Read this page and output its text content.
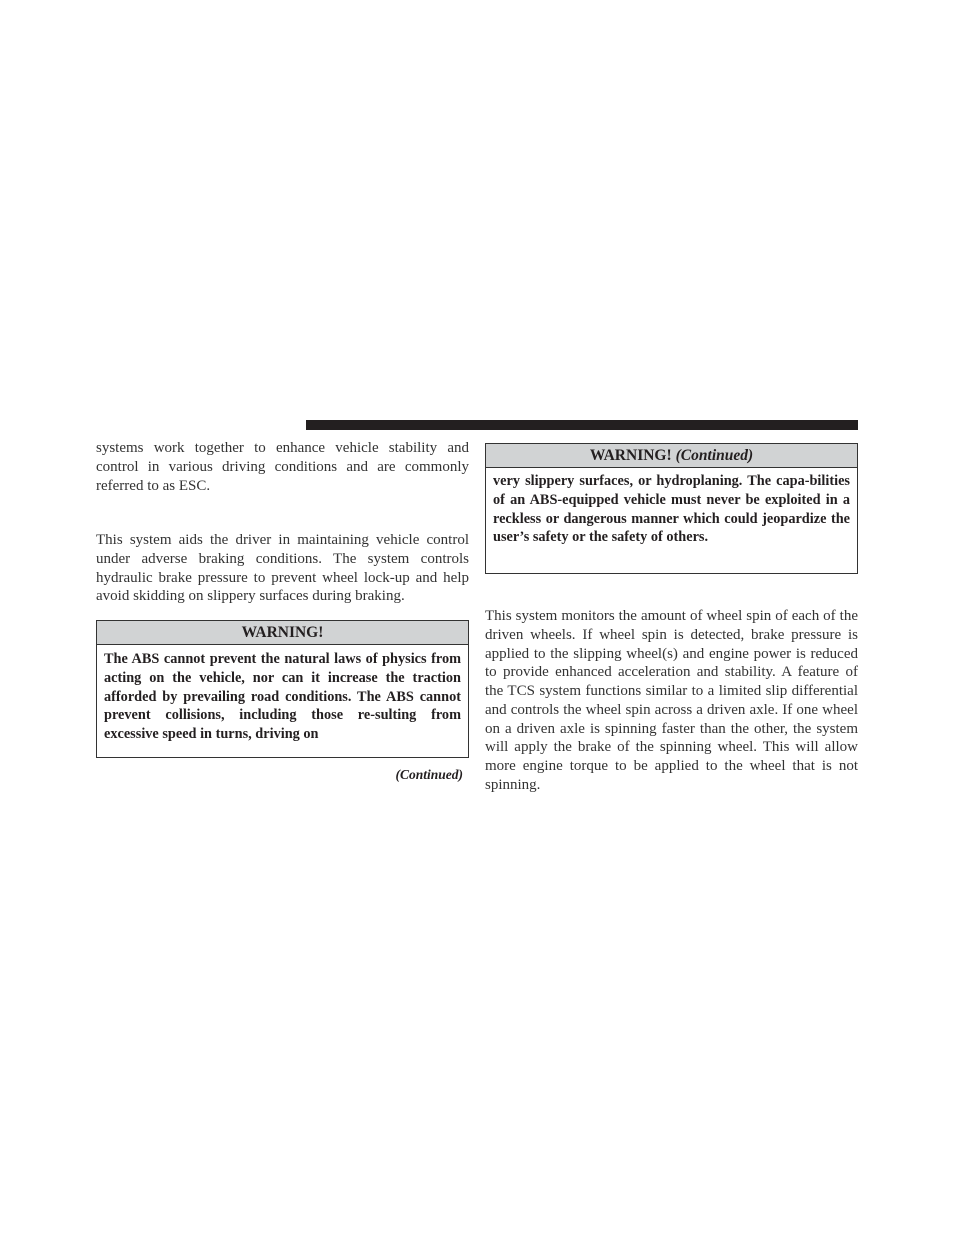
systems work together to enhance vehicle stability and control in various driving conditions and are commonly referred to as ESC.

This system aids the driver in maintaining vehicle control under adverse braking conditions. The system controls hydraulic brake pressure to prevent wheel lock-up and help avoid skidding on slippery surfaces during braking.

WARNING!
The ABS cannot prevent the natural laws of physics from acting on the vehicle, nor can it increase the traction afforded by prevailing road conditions. The ABS cannot prevent collisions, including those re-sulting from excessive speed in turns, driving on
(Continued)
WARNING! (Continued)
very slippery surfaces, or hydroplaning. The capa-bilities of an ABS-equipped vehicle must never be exploited in a reckless or dangerous manner which could jeopardize the user’s safety or the safety of others.

This system monitors the amount of wheel spin of each of the driven wheels. If wheel spin is detected, brake pressure is applied to the slipping wheel(s) and engine power is reduced to provide enhanced acceleration and stability. A feature of the TCS system functions similar to a limited slip differential and controls the wheel spin across a driven axle. If one wheel on a driven axle is spinning faster than the other, the system will apply the brake of the spinning wheel. This will allow more engine torque to be applied to the wheel that is not spinning.
